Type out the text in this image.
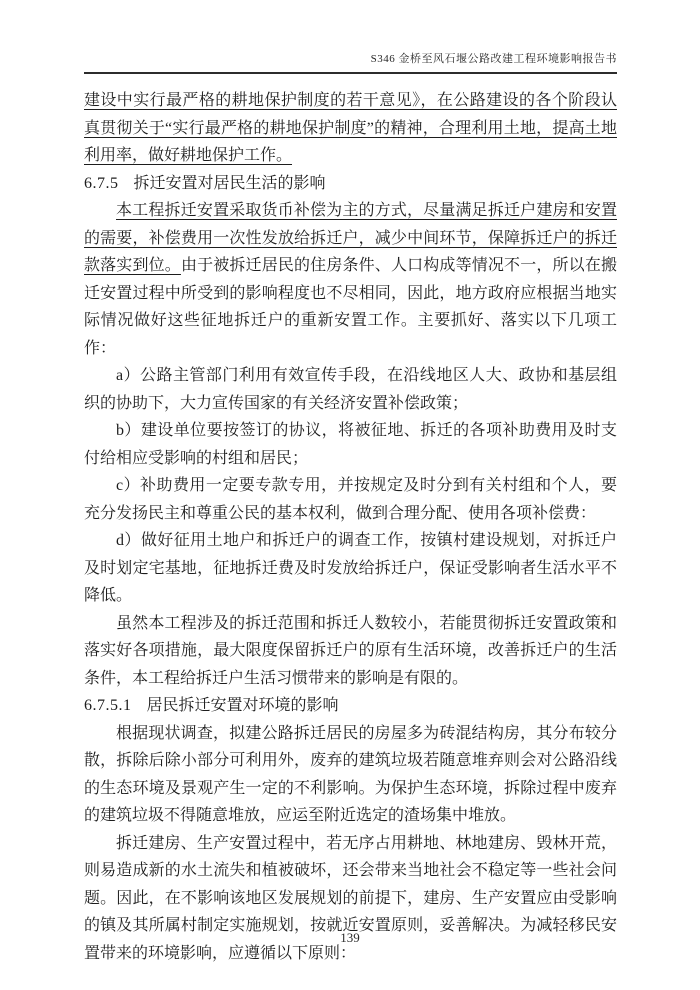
S346 金桥至风石堰公路改建工程环境影响报告书

建设中实行最严格的耕地保护制度的若干意见》，在公路建设的各个阶段认真贯彻关于“实行最严格的耕地保护制度”的精神，合理利用土地，提高土地利用率，做好耕地保护工作。

6.7.5 拆迁安置对居民生活的影响

本工程拆迁安置采取货币补偿为主的方式，尽量满足拆迁户建房和安置的需要，补偿费用一次性发放给拆迁户，减少中间环节，保障拆迁户的拆迁款落实到位。由于被拆迁居民的住房条件、人口构成等情况不一，所以在搬迁安置过程中所受到的影响程度也不尽相同，因此，地方政府应根据当地实际情况做好这些征地拆迁户的重新安置工作。主要抓好、落实以下几项工作：

a）公路主管部门利用有效宣传手段，在沿线地区人大、政协和基层组织的协助下，大力宣传国家的有关经济安置补偿政策；

b）建设单位要按签订的协议，将被征地、拆迁的各项补助费用及时支付给相应受影响的村组和居民；

c）补助费用一定要专款专用，并按规定及时分到有关村组和个人，要充分发扬民主和尊重公民的基本权利，做到合理分配、使用各项补偿费：

d）做好征用土地户和拆迁户的调查工作，按镇村建设规划，对拆迁户及时划定宅基地，征地拆迁费及时发放给拆迁户，保证受影响者生活水平不降低。

虽然本工程涉及的拆迁范围和拆迁人数较小，若能贯彻拆迁安置政策和落实好各项措施，最大限度保留拆迁户的原有生活环境，改善拆迁户的生活条件，本工程给拆迁户生活习惯带来的影响是有限的。

6.7.5.1 居民拆迁安置对环境的影响

根据现状调查，拟建公路拆迁居民的房屋多为砖混结构房，其分布较分散，拆除后除小部分可利用外，废弃的建筑垃圾若随意堆弃则会对公路沿线的生态环境及景观产生一定的不利影响。为保护生态环境，拆除过程中废弃的建筑垃圾不得随意堆放，应运至附近选定的渣场集中堆放。

拆迁建房、生产安置过程中，若无序占用耕地、林地建房、毁林开荒，则易造成新的水土流失和植被破坏，还会带来当地社会不稳定等一些社会问题。因此，在不影响该地区发展规划的前提下，建房、生产安置应由受影响的镇及其所属村制定实施规划，按就近安置原则，妥善解决。为减轻移民安置带来的环境影响，应遵循以下原则：

139
